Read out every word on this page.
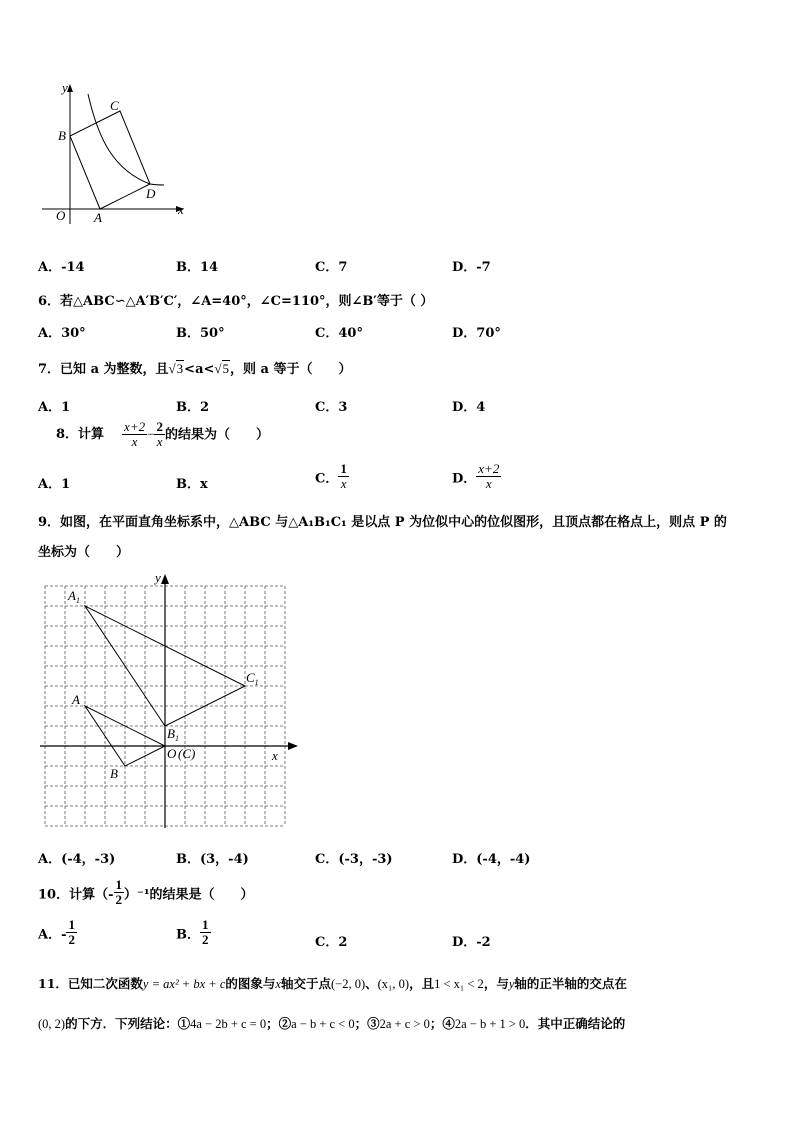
y
x
O A
B
C
D
A．-14	B．14	C．7	D．-7
6．若△ABC∽△A′B′C′，∠A=40°，∠C=110°，则∠B′等于（ ）
A．30°	B．50°	C．40°	D．70°
7．已知 a 为整数，且√3<a<√5，则 a 等于（　　）
A．1	B．2	C．3	D．4
8．计算 $\frac{x+2}{x} - \frac{2}{x}$ 的结果为（　　）
A．1	B．x	C． $\frac{1}{x}$	D． $\frac{x+2}{x}$
9．如图，在平面直角坐标系中，△ABC 与△A₁B₁C₁ 是以点 P 为位似中心的位似图形，且顶点都在格点上，则点 P 的
坐标为（　　）
y
x
$A_1$
$C_1$
$B_1$
A
B
O (C)
A．(-4，-3)	B．(3，-4)	C．(-3，-3)	D．(-4，-4)
10．计算（- $\frac{1}{2} )^{-1}$的结果是（　　）
A．- $\frac{1}{2}$	B． $\frac{1}{2}$	C．2	D．-2
11．已知二次函数y = ax² + bx + c的图象与x轴交于点(−2, 0)、(x₁, 0)，且1 < x₁ < 2，与y轴的正半轴的交点在
(0, 2)的下方．下列结论：①4a − 2b + c = 0；②a − b + c < 0；③2a + c > 0；④2a − b + 1 > 0．其中正确结论的
